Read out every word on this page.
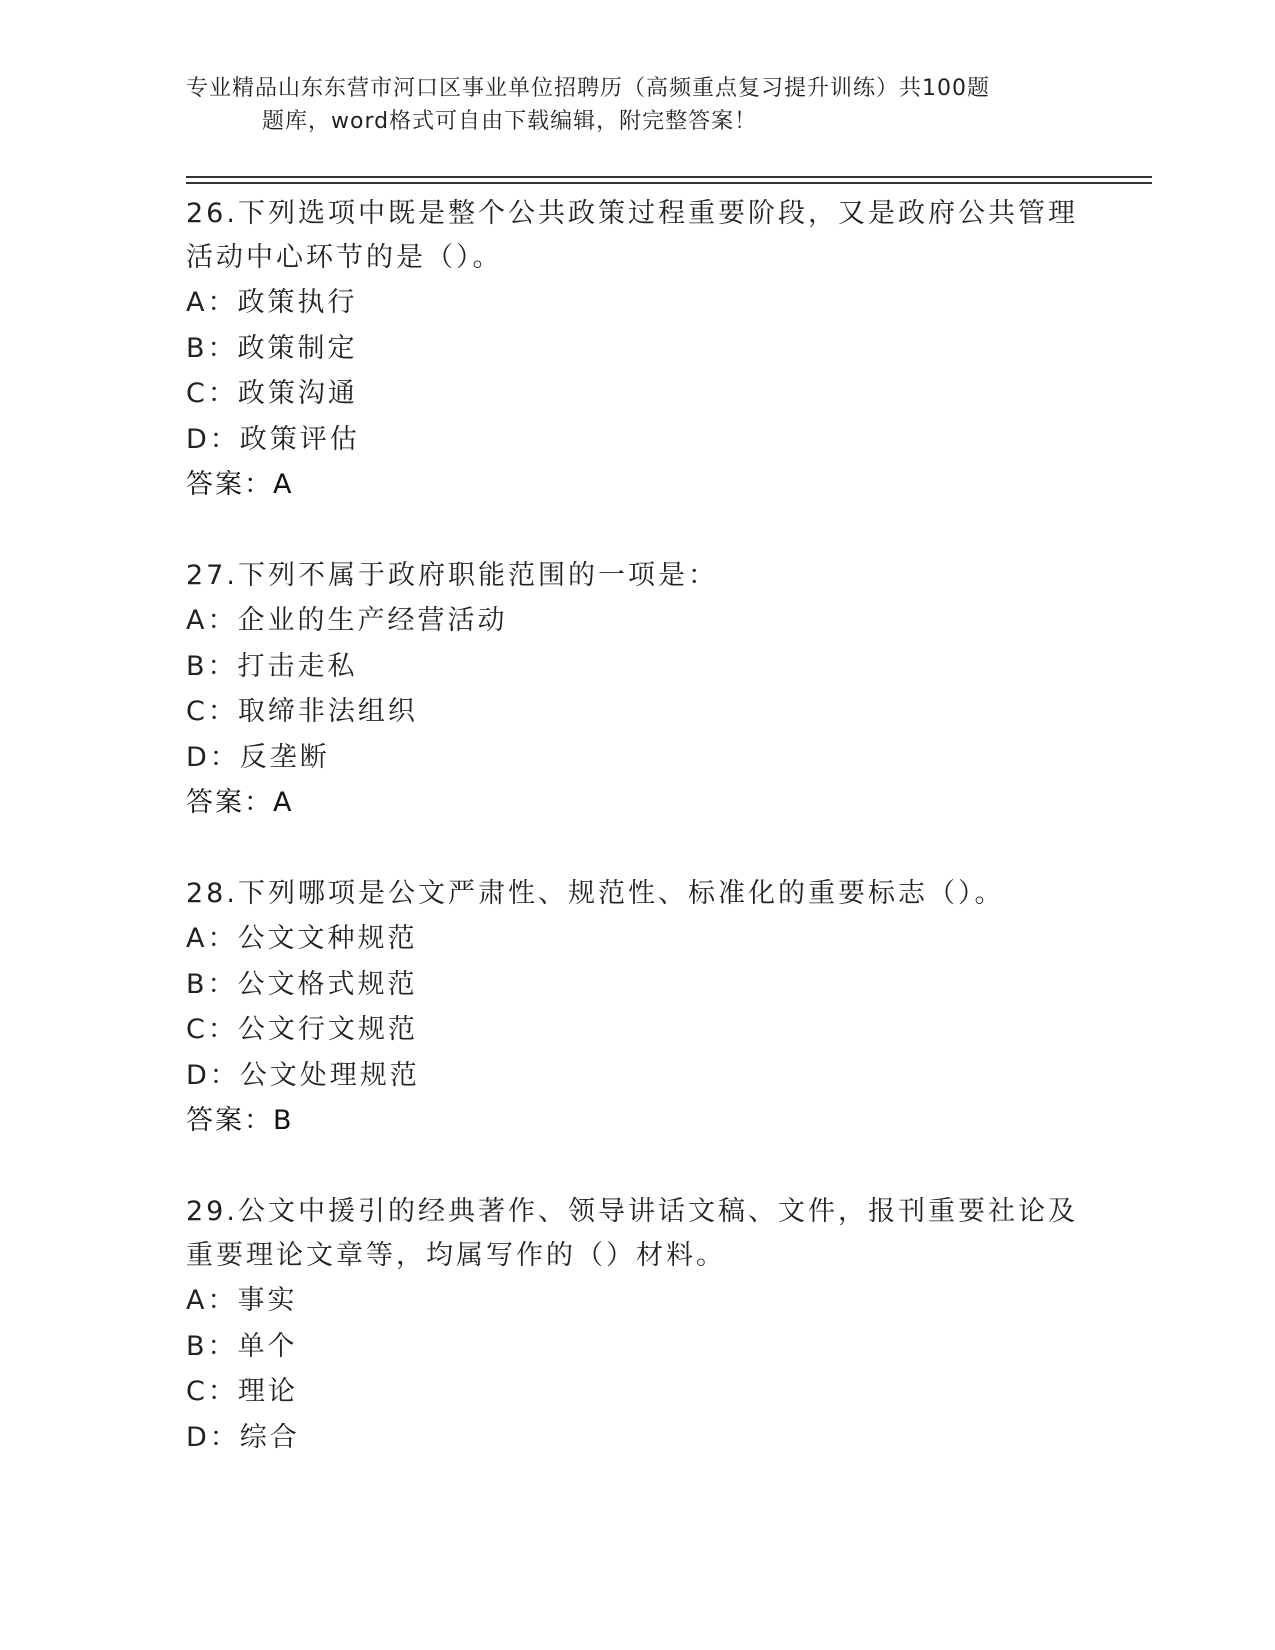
专业精品山东东营市河口区事业单位招聘历（高频重点复习提升训练）共100题
题库，word格式可自由下载编辑，附完整答案！
26.下列选项中既是整个公共政策过程重要阶段，又是政府公共管理活动中心环节的是（）。
A：政策执行
B：政策制定
C：政策沟通
D：政策评估
答案：A
27.下列不属于政府职能范围的一项是：
A：企业的生产经营活动
B：打击走私
C：取缔非法组织
D：反垄断
答案：A
28.下列哪项是公文严肃性、规范性、标准化的重要标志（）。
A：公文文种规范
B：公文格式规范
C：公文行文规范
D：公文处理规范
答案：B
29.公文中援引的经典著作、领导讲话文稿、文件，报刊重要社论及重要理论文章等，均属写作的（）材料。
A：事实
B：单个
C：理论
D：综合
